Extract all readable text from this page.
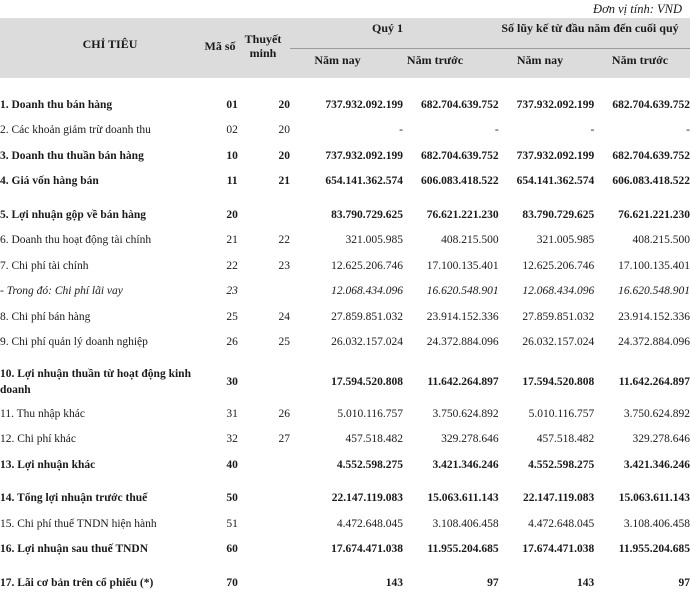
Đơn vị tính: VND
CHỈ TIÊU	Mã số Thuyết minh
Quý 1	Số lũy kế từ đầu năm đến cuối quý
Năm nay	Năm trước	Năm nay	Năm trước
1. Doanh thu bán hàng	01	20	737.932.092.199	682.704.639.752	737.932.092.199	682.704.639.752
2. Các khoản giảm trừ doanh thu	02	20	-	-	-	-
3. Doanh thu thuần bán hàng	10	20	737.932.092.199	682.704.639.752	737.932.092.199	682.704.639.752
4. Giá vốn hàng bán	11	21	654.141.362.574	606.083.418.522	654.141.362.574	606.083.418.522
5. Lợi nhuận gộp về bán hàng	20		83.790.729.625	76.621.221.230	83.790.729.625	76.621.221.230
6. Doanh thu hoạt động tài chính	21	22	321.005.985	408.215.500	321.005.985	408.215.500
7. Chi phí tài chính	22	23	12.625.206.746	17.100.135.401	12.625.206.746	17.100.135.401
- Trong đó: Chi phí lãi vay	23		12.068.434.096	16.620.548.901	12.068.434.096	16.620.548.901
8. Chi phí bán hàng	25	24	27.859.851.032	23.914.152.336	27.859.851.032	23.914.152.336
9. Chi phí quản lý doanh nghiệp	26	25	26.032.157.024	24.372.884.096	26.032.157.024	24.372.884.096
10. Lợi nhuận thuần từ hoạt động kinh doanh	30		17.594.520.808	11.642.264.897	17.594.520.808	11.642.264.897
11. Thu nhập khác	31	26	5.010.116.757	3.750.624.892	5.010.116.757	3.750.624.892
12. Chi phí khác	32	27	457.518.482	329.278.646	457.518.482	329.278.646
13. Lợi nhuận khác	40		4.552.598.275	3.421.346.246	4.552.598.275	3.421.346.246
14. Tổng lợi nhuận trước thuế	50		22.147.119.083	15.063.611.143	22.147.119.083	15.063.611.143
15. Chi phí thuế TNDN hiện hành	51		4.472.648.045	3.108.406.458	4.472.648.045	3.108.406.458
16. Lợi nhuận sau thuế TNDN	60		17.674.471.038	11.955.204.685	17.674.471.038	11.955.204.685
17. Lãi cơ bản trên cổ phiếu (*)	70		143	97	143	97
